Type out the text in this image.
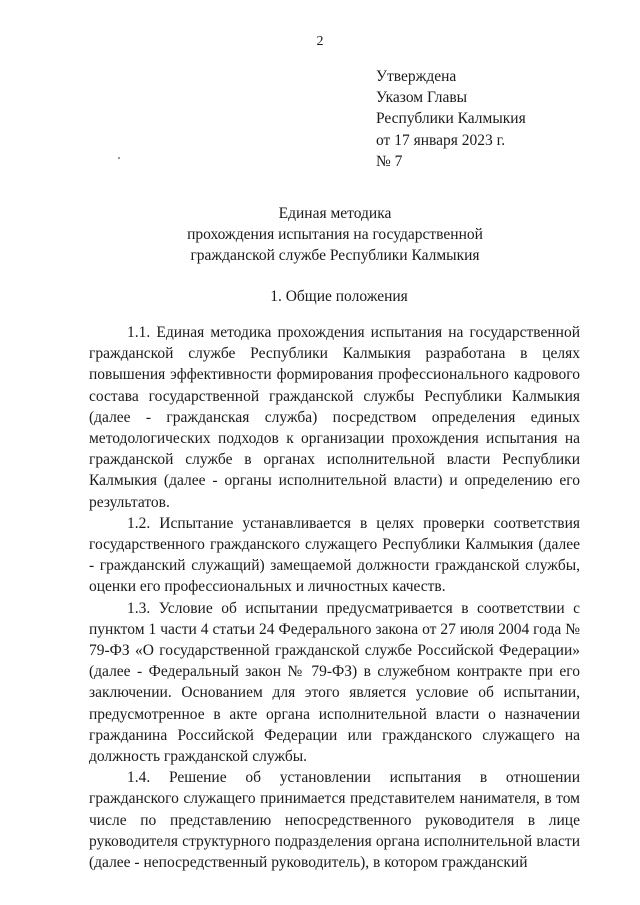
2
Утверждена
Указом Главы
Республики Калмыкия
от 17 января 2023 г.
№ 7
Единая методика
прохождения испытания на государственной
гражданской службе Республики Калмыкия
1. Общие положения

1.1. Единая методика прохождения испытания на государственной гражданской службе Республики Калмыкия разработана в целях повышения эффективности формирования профессионального кадрового состава государственной гражданской службы Республики Калмыкия (далее - гражданская служба) посредством определения единых методологических подходов к организации прохождения испытания на гражданской службе в органах исполнительной власти Республики Калмыкия (далее - органы исполнительной власти) и определению его результатов.

1.2. Испытание устанавливается в целях проверки соответствия государственного гражданского служащего Республики Калмыкия (далее - гражданский служащий) замещаемой должности гражданской службы, оценки его профессиональных и личностных качеств.

1.3. Условие об испытании предусматривается в соответствии с пунктом 1 части 4 статьи 24 Федерального закона от 27 июля 2004 года № 79-ФЗ «О государственной гражданской службе Российской Федерации» (далее - Федеральный закон № 79-ФЗ) в служебном контракте при его заключении. Основанием для этого является условие об испытании, предусмотренное в акте органа исполнительной власти о назначении гражданина Российской Федерации или гражданского служащего на должность гражданской службы.

1.4. Решение об установлении испытания в отношении гражданского служащего принимается представителем нанимателя, в том числе по представлению непосредственного руководителя в лице руководителя структурного подразделения органа исполнительной власти (далее - непосредственный руководитель), в котором гражданский
